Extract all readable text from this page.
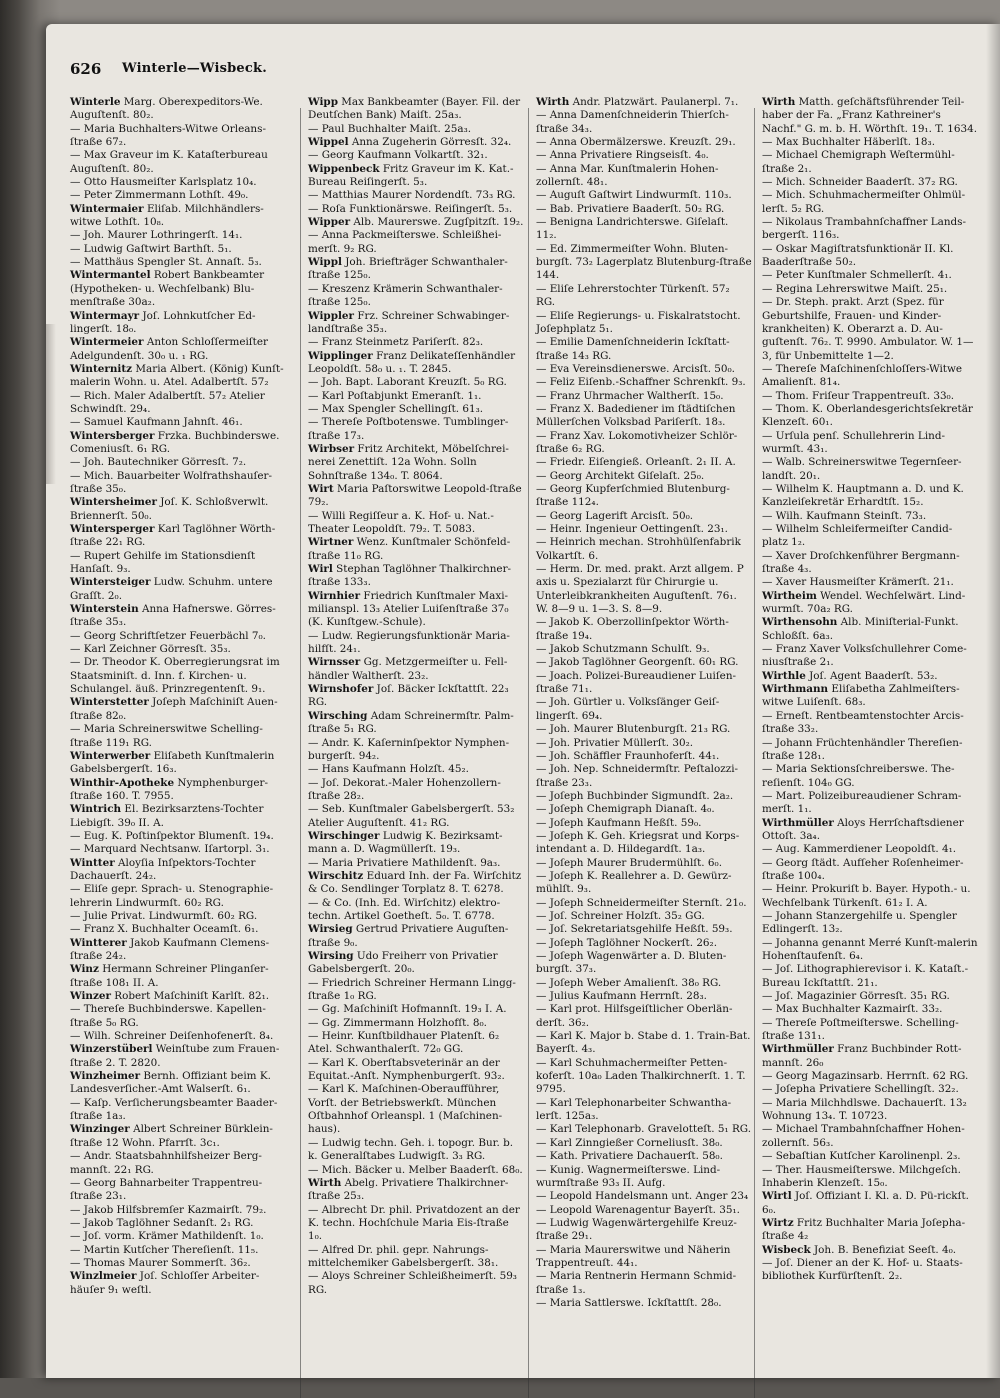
626 Winterle—Wisbeck.

Winterle Marg. Oberexpeditors-We. Auguſtenſt. 80₂.

— Maria Buchhalters-Witwe Orleans-ſtraße 67₂.

— Max Graveur im K. Kataſterbureau Auguſtenſt. 80₂.

— Otto Hausmeiſter Karlsplatz 10₄.

— Peter Zimmermann Lothſt. 49₀.

Wintermaier Eliſab. Milchhändlers-witwe Lothſt. 10₈.

— Joh. Maurer Lothringerſt. 14₁.

— Ludwig Gaſtwirt Barthſt. 5₁.

— Matthäus Spengler St. Annaſt. 5₃.

Wintermantel Robert Bankbeamter (Hypotheken- u. Wechſelbank) Blu-menſtraße 30a₂.

Wintermayr Joſ. Lohnkutſcher Ed-lingerſt. 18₀.

Wintermeier Anton Schloſſermeiſter Adelgundenſt. 30₀ u. ₁ RG.

Winternitz Maria Albert. (König) Kunſt-malerin Wohn. u. Atel. Adalbertſt. 57₂

— Rich. Maler Adalbertſt. 57₂ Atelier Schwindſt. 29₄.

— Samuel Kaufmann Jahnſt. 46₁.

Wintersberger Frzka. Buchbinderswe. Comeniusſt. 6₁ RG.

— Joh. Bautechniker Görresſt. 7₂.

— Mich. Bauarbeiter Wolfrathshauſer-ſtraße 35₀.

Wintersheimer Joſ. K. Schloßverwlt. Briennerſt. 50₀.

Wintersperger Karl Taglöhner Wörth-ſtraße 22₁ RG.

— Rupert Gehilfe im Stationsdienſt Hanſaſt. 9₃.

Wintersteiger Ludw. Schuhm. untere Graſſt. 2₀.

Winterstein Anna Hafnerswe. Görres-ſtraße 35₃.

— Georg Schriftſetzer Feuerbächl 7₀.

— Karl Zeichner Görresſt. 35₃.

— Dr. Theodor K. Oberregierungsrat im Staatsminiſt. d. Inn. f. Kirchen- u. Schulangel. äuß. Prinzregentenſt. 9₁.

Winterstetter Joſeph Maſchiniſt Auen-ſtraße 82₀.

— Maria Schreinerswitwe Schelling-ſtraße 119₁ RG.

Winterwerber Eliſabeth Kunſtmalerin Gabelsbergerſt. 16₃.

Winthir-Apotheke Nymphenburger-ſtraße 160. T. 7955.

Wintrich El. Bezirksarztens-Tochter Liebigſt. 39₀ II. A.

— Eug. K. Poſtinſpektor Blumenſt. 19₄.

— Marquard Nechtsanw. Iſartorpl. 3₁.

Wintter Aloyſia Inſpektors-Tochter Dachauerſt. 24₂.

— Eliſe gepr. Sprach- u. Stenographie-lehrerin Lindwurmſt. 60₂ RG.

— Julie Privat. Lindwurmſt. 60₂ RG.

— Franz X. Buchhalter Oceamſt. 6₁.

Wintterer Jakob Kaufmann Clemens-ſtraße 24₂.

Winz Hermann Schreiner Plinganſer-ſtraße 108₁ II. A.

Winzer Robert Maſchiniſt Karlſt. 82₁.

— Thereſe Buchbinderswe. Kapellen-ſtraße 5₀ RG.

— Wilh. Schreiner Deiſenhofenerſt. 8₄.

Winzerstüberl Weinſtube zum Frauen-ſtraße 2. T. 2820.

Winzheimer Bernh. Offiziant beim K. Landesverſicher.-Amt Walserſt. 6₁.

— Kaſp. Verſicherungsbeamter Baader-ſtraße 1a₃.

Winzinger Albert Schreiner Bürklein-ſtraße 12 Wohn. Pfarrſt. 3c₁.

— Andr. Staatsbahnhilfsheizer Berg-mannſt. 22₁ RG.

— Georg Bahnarbeiter Trappentreu-ſtraße 23₁.

— Jakob Hilfsbremſer Kazmairſt. 79₂.

— Jakob Taglöhner Sedanſt. 2₁ RG.

— Joſ. vorm. Krämer Mathildenſt. 1₀.

— Martin Kutſcher Thereſienſt. 11₅.

— Thomas Maurer Sommerſt. 36₂.

Winzlmeier Joſ. Schloſſer Arbeiter-häuſer 9₁ weſtl.

Wipp Max Bankbeamter (Bayer. Fil. der Deutſchen Bank) Maiſt. 25a₃.

— Paul Buchhalter Maiſt. 25a₃.

Wippel Anna Zugeherin Görresſt. 32₄.

— Georg Kaufmann Volkartſt. 32₁.

Wippenbeck Fritz Graveur im K. Kat.-Bureau Reiſingerſt. 5₃.

— Matthias Maurer Nordendſt. 73₃ RG.

— Roſa Funktionärswe. Reiſingerſt. 5₃.

Wipper Alb. Maurerswe. Zugſpitzſt. 19₂.

— Anna Packmeiſterswe. Schleißhei-merſt. 9₂ RG.

Wippl Joh. Briefträger Schwanthaler-ſtraße 125₀.

— Kreszenz Krämerin Schwanthaler-ſtraße 125₀.

Wippler Frz. Schreiner Schwabinger-landſtraße 35₃.

— Franz Steinmetz Pariſerſt. 82₃.

Wipplinger Franz Delikateſſenhändler Leopoldſt. 58₀ u. ₁. T. 2845.

— Joh. Bapt. Laborant Kreuzſt. 5₀ RG.

— Karl Poſtabjunkt Emeranſt. 1₁.

— Max Spengler Schellingſt. 61₃.

— Thereſe Poſtbotenswe. Tumblinger-ſtraße 17₃.

Wirbser Fritz Architekt, Möbelſchrei-nerei Zenettiſt. 12a Wohn. Solln Sohnſtraße 134₀. T. 8064.

Wirt Maria Paſtorswitwe Leopold-ſtraße 79₂.

— Willi Regiſſeur a. K. Hof- u. Nat.-Theater Leopoldſt. 79₂. T. 5083.

Wirtner Wenz. Kunſtmaler Schönfeld-ſtraße 11₀ RG.

Wirl Stephan Taglöhner Thalkirchner-ſtraße 133₃.

Wirnhier Friedrich Kunſtmaler Maxi-milianspl. 13₃ Atelier Luiſenſtraße 37₀ (K. Kunſtgew.-Schule).

— Ludw. Regierungsfunktionär Maria-hilfſt. 24₁.

Wirnsser Gg. Metzgermeiſter u. Fell-händler Waltherſt. 23₂.

Wirnshofer Joſ. Bäcker Ickſtattſt. 22₃ RG.

Wirsching Adam Schreinermſtr. Palm-ſtraße 5₁ RG.

— Andr. K. Kaſerninſpektor Nymphen-burgerſt. 94₂.

— Hans Kaufmann Holzſt. 45₂.

— Joſ. Dekorat.-Maler Hohenzollern-ſtraße 28₂.

— Seb. Kunſtmaler Gabelsbergerſt. 53₂ Atelier Auguſtenſt. 41₂ RG.

Wirschinger Ludwig K. Bezirksamt-mann a. D. Wagmüllerſt. 19₃.

— Maria Privatiere Mathildenſt. 9a₃.

Wirschitz Eduard Inh. der Fa. Wirſchitz & Co. Sendlinger Torplatz 8. T. 6278.

— & Co. (Inh. Ed. Wirſchitz) elektro-techn. Artikel Goetheſt. 5₀. T. 6778.

Wirsieg Gertrud Privatiere Auguſten-ſtraße 9₀.

Wirsing Udo Freiherr von Privatier Gabelsbergerſt. 20₀.

— Friedrich Schreiner Hermann Lingg-ſtraße 1₀ RG.

— Gg. Maſchiniſt Hofmannſt. 19₃ I. A.

— Gg. Zimmermann Holzhofſt. 8₀.

— Heinr. Kunſtbildhauer Platenſt. 6₂ Atel. Schwanthalerſt. 72₀ GG.

— Karl K. Oberſtabsveterinär an der Equitat.-Anſt. Nymphenburgerſt. 93₂.

— Karl K. Maſchinen-Oberaufführer, Vorſt. der Betriebswerkſt. München Oſtbahnhof Orleanspl. 1 (Maſchinen-haus).

— Ludwig techn. Geh. i. topogr. Bur. b. k. Generalſtabes Ludwigſt. 3₃ RG.

— Mich. Bäcker u. Melber Baaderſt. 68₀.

Wirth Abelg. Privatiere Thalkirchner-ſtraße 25₃.

— Albrecht Dr. phil. Privatdozent an der K. techn. Hochſchule Maria Eis-ſtraße 1₀.

— Alfred Dr. phil. gepr. Nahrungs-mittelchemiker Gabelsbergerſt. 38₁.

— Aloys Schreiner Schleißheimerſt. 59₃ RG.

Wirth Andr. Platzwärt. Paulanerpl. 7₁.

— Anna Damenſchneiderin Thierſch-ſtraße 34₃.

— Anna Obermälzerswe. Kreuzſt. 29₁.

— Anna Privatiere Ringseisſt. 4₀.

— Anna Mar. Kunſtmalerin Hohen-zollernſt. 48₁.

— Auguſt Gaſtwirt Lindwurmſt. 110₃.

— Bab. Privatiere Baaderſt. 50₂ RG.

— Benigna Landrichterswe. Giſelaſt. 11₂.

— Ed. Zimmermeiſter Wohn. Bluten-burgſt. 73₂ Lagerplatz Blutenburg-ſtraße 144.

— Eliſe Lehrerstochter Türkenſt. 57₂ RG.

— Eliſe Regierungs- u. Fiskalratstocht. Joſephplatz 5₁.

— Emilie Damenſchneiderin Ickſtatt-ſtraße 14₃ RG.

— Eva Vereinsdienerswe. Arcisſt. 50₀.

— Feliz Eiſenb.-Schaffner Schrenkſt. 9₃.

— Franz Uhrmacher Waltherſt. 15₀.

— Franz X. Badediener im ſtädtiſchen Müllerſchen Volksbad Pariſerſt. 18₃.

— Franz Xav. Lokomotivheizer Schlör-ſtraße 6₂ RG.

— Friedr. Eiſengieß. Orleanſt. 2₁ II. A.

— Georg Architekt Giſelaſt. 25₀.

— Georg Kupferſchmied Blutenburg-ſtraße 112₄.

— Georg Lagerift Arcisſt. 50₀.

— Heinr. Ingenieur Oettingenſt. 23₁.

— Heinrich mechan. Strohhülſenfabrik Volkartſt. 6.

— Herm. Dr. med. prakt. Arzt allgem. P axis u. Spezialarzt für Chirurgie u. Unterleibkrankheiten Auguſtenſt. 76₁. W. 8—9 u. 1—3. S. 8—9.

— Jakob K. Oberzollinſpektor Wörth-ſtraße 19₄.

— Jakob Schutzmann Schulſt. 9₃.

— Jakob Taglöhner Georgenſt. 60₁ RG.

— Joach. Polizei-Bureaudiener Luiſen-ſtraße 71₁.

— Joh. Gürtler u. Volksſänger Geiſ-lingerſt. 69₄.

— Joh. Maurer Blutenburgſt. 21₃ RG.

— Joh. Privatier Müllerſt. 30₂.

— Joh. Schäffler Fraunhoferſt. 44₁.

— Joh. Nep. Schneidermſtr. Peſtalozzi-ſtraße 23₃.

— Joſeph Buchbinder Sigmundſt. 2a₂.

— Joſeph Chemigraph Dianaſt. 4₀.

— Joſeph Kaufmann Heßſt. 59₀.

— Joſeph K. Geh. Kriegsrat und Korps-intendant a. D. Hildegardſt. 1a₃.

— Joſeph Maurer Brudermühlſt. 6₀.

— Joſeph K. Reallehrer a. D. Gewürz-mühlſt. 9₃.

— Joſeph Schneidermeiſter Sternſt. 21₀.

— Joſ. Schreiner Holzſt. 35₂ GG.

— Joſ. Sekretariatsgehilfe Heßſt. 59₃.

— Joſeph Taglöhner Nockerſt. 26₂.

— Joſeph Wagenwärter a. D. Bluten-burgſt. 37₃.

— Joſeph Weber Amalienſt. 38₀ RG.

— Julius Kaufmann Herrnſt. 28₃.

— Karl prot. Hilfsgeiſtlicher Oberlän-derſt. 36₂.

— Karl K. Major b. Stabe d. 1. Train-Bat. Bayerſt. 4₃.

— Karl Schuhmachermeiſter Petten-koferſt. 10a₀ Laden Thalkirchnerſt. 1. T. 9795.

— Karl Telephonarbeiter Schwantha-lerſt. 125a₃.

— Karl Telephonarb. Gravelotteſt. 5₁ RG.

— Karl Zinngießer Corneliusſt. 38₀.

— Kath. Privatiere Dachauerſt. 58₀.

— Kunig. Wagnermeiſterswe. Lind-wurmſtraße 93₃ II. Aufg.

— Leopold Handelsmann unt. Anger 23₄

— Leopold Warenagentur Bayerſt. 35₁.

— Ludwig Wagenwärtergehilfe Kreuz-ſtraße 29₁.

— Maria Maurerswitwe und Näherin Trappentreuſt. 44₁.

— Maria Rentnerin Hermann Schmid-ſtraße 1₃.

— Maria Sattlerswe. Ickſtattſt. 28₀.

Wirth Matth. geſchäftsführender Teil-haber der Fa. „Franz Kathreiner's Nachf." G. m. b. H. Wörthſt. 19₁. T. 1634.

— Max Buchhalter Häberlſt. 18₃.

— Michael Chemigraph Weſtermühl-ſtraße 2₁.

— Mich. Schneider Baaderſt. 37₂ RG.

— Mich. Schuhmachermeiſter Ohlmül-lerſt. 5₂ RG.

— Nikolaus Trambahnſchaffner Lands-bergerſt. 116₃.

— Oskar Magiſtratsfunktionär II. Kl. Baaderſtraße 50₂.

— Peter Kunſtmaler Schmellerſt. 4₁.

— Regina Lehrerswitwe Maiſt. 25₁.

— Dr. Steph. prakt. Arzt (Spez. für Geburtshilfe, Frauen- und Kinder-krankheiten) K. Oberarzt a. D. Au-guſtenſt. 76₂. T. 9990. Ambulator. W. 1—3, für Unbemittelte 1—2.

— Thereſe Maſchinenſchloſſers-Witwe Amalienſt. 81₄.

— Thom. Friſeur Trappentreuſt. 33₀.

— Thom. K. Oberlandesgerichtsſekretär Klenzeſt. 60₁.

— Urſula penſ. Schullehrerin Lind-wurmſt. 43₁.

— Walb. Schreinerswitwe Tegernſeer-landſt. 20₁.

— Wilhelm K. Hauptmann a. D. und K. Kanzleiſekretär Erhardtſt. 15₂.

— Wilh. Kaufmann Steinſt. 73₃.

— Wilhelm Schleifermeiſter Candid-platz 1₂.

— Xaver Droſchkenführer Bergmann-ſtraße 4₃.

— Xaver Hausmeiſter Krämerſt. 21₁.

Wirtheim Wendel. Wechſelwärt. Lind-wurmſt. 70a₂ RG.

Wirthensohn Alb. Miniſterial-Funkt. Schloßſt. 6a₃.

— Franz Xaver Volksſchullehrer Come-niusſtraße 2₁.

Wirthle Joſ. Agent Baaderſt. 53₂.

Wirthmann Eliſabetha Zahlmeiſters-witwe Luiſenſt. 68₃.

— Erneſt. Rentbeamtenstochter Arcis-ſtraße 33₂.

— Johann Früchtenhändler Thereſien-ſtraße 128₁.

— Maria Sektionsſchreiberswe. The-reſienſt. 104₀ GG.

— Mart. Polizeibureaudiener Schram-merſt. 1₁.

Wirthmüller Aloys Herrſchaftsdiener Ottoſt. 3a₄.

— Aug. Kammerdiener Leopoldſt. 4₁.

— Georg ſtädt. Aufſeher Roſenheimer-ſtraße 100₄.

— Heinr. Prokuriſt b. Bayer. Hypoth.- u. Wechſelbank Türkenſt. 61₂ I. A.

— Johann Stanzergehilfe u. Spengler Edlingerſt. 13₂.

— Johanna genannt Merré Kunſt-malerin Hohenſtaufenſt. 6₄.

— Joſ. Lithographierevisor i. K. Kataſt.-Bureau Ickſtattſt. 21₁.

— Joſ. Magazinier Görresſt. 35₁ RG.

— Max Buchhalter Kazmairſt. 33₂.

— Thereſe Poſtmeiſterswe. Schelling-ſtraße 131₁.

Wirthmüller Franz Buchbinder Rott-mannſt. 26₀

— Georg Magazinsarb. Herrnſt. 62 RG.

— Joſepha Privatiere Schellingſt. 32₂.

— Maria Milchhdlswe. Dachauerſt. 13₂ Wohnung 13₄. T. 10723.

— Michael Trambahnſchaffner Hohen-zollernſt. 56₃.

— Sebaſtian Kutſcher Karolinenpl. 2₃.

— Ther. Hausmeiſterswe. Milchgeſch. Inhaberin Klenzeſt. 15₀.

Wirtl Joſ. Offiziant I. Kl. a. D. Pü-rickſt. 6₀.

Wirtz Fritz Buchhalter Maria Joſepha-ſtraße 4₂

Wisbeck Joh. B. Benefiziat Seeſt. 4₀.

— Joſ. Diener an der K. Hof- u. Staats-bibliothek Kurfürſtenſt. 2₂.
